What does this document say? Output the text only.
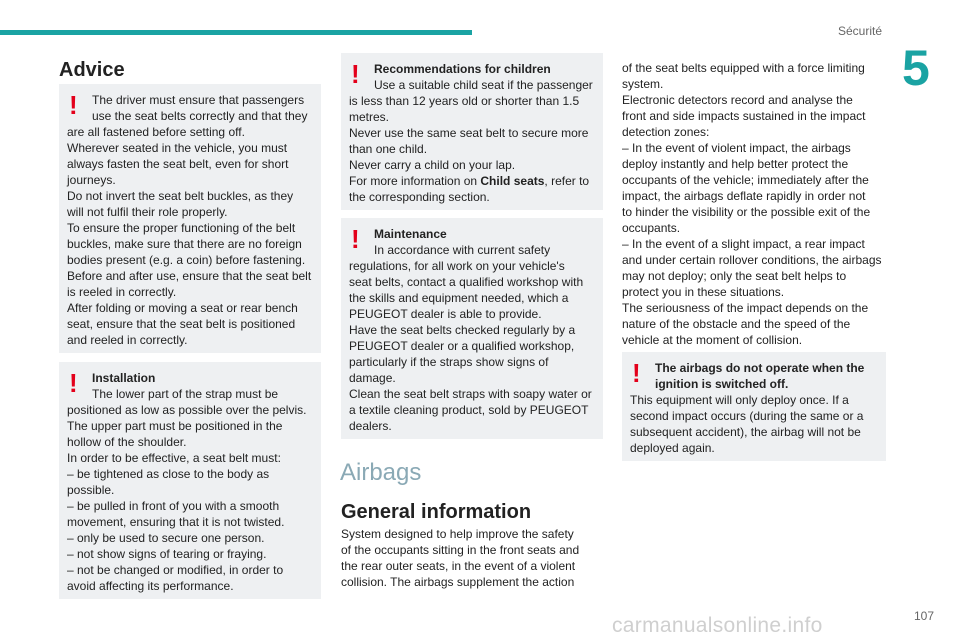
Sécurité
5
Advice
!	The driver must ensure that passengers

use the seat belts correctly and that they

are all fastened before setting off.

Wherever seated in the vehicle, you must

always fasten the seat belt, even for short

journeys.

Do not invert the seat belt buckles, as they

will not fulfil their role properly.

To ensure the proper functioning of the belt

buckles, make sure that there are no foreign

bodies present (e.g. a coin) before fastening.

Before and after use, ensure that the seat belt

is reeled in correctly.

After folding or moving a seat or rear bench

seat, ensure that the seat belt is positioned

and reeled in correctly.

!	Installation

The lower part of the strap must be

positioned as low as possible over the pelvis.

The upper part must be positioned in the

hollow of the shoulder.

In order to be effective, a seat belt must:

– be tightened as close to the body as

possible.

– be pulled in front of you with a smooth

movement, ensuring that it is not twisted.

– only be used to secure one person.

– not show signs of tearing or fraying.

– not be changed or modified, in order to

avoid affecting its performance.

!	Recommendations for children

Use a suitable child seat if the passenger

is less than 12 years old or shorter than 1.5

metres.

Never use the same seat belt to secure more

than one child.

Never carry a child on your lap.

For more information on Child seats, refer to

the corresponding section.

!	Maintenance

In accordance with current safety

regulations, for all work on your vehicle's

seat belts, contact a qualified workshop with

the skills and equipment needed, which a

PEUGEOT dealer is able to provide.

Have the seat belts checked regularly by a

PEUGEOT dealer or a qualified workshop,

particularly if the straps show signs of

damage.

Clean the seat belt straps with soapy water or

a textile cleaning product, sold by PEUGEOT

dealers.

Airbags
General information

System designed to help improve the safety

of the occupants sitting in the front seats and

the rear outer seats, in the event of a violent

collision. The airbags supplement the action

of the seat belts equipped with a force limiting

system.

Electronic detectors record and analyse the

front and side impacts sustained in the impact

detection zones:

– In the event of violent impact, the airbags

deploy instantly and help better protect the

occupants of the vehicle; immediately after the

impact, the airbags deflate rapidly in order not

to hinder the visibility or the possible exit of the

occupants.

– In the event of a slight impact, a rear impact

and under certain rollover conditions, the airbags

may not deploy; only the seat belt helps to

protect you in these situations.

The seriousness of the impact depends on the

nature of the obstacle and the speed of the

vehicle at the moment of collision.

!	The airbags do not operate when the

ignition is switched off.

This equipment will only deploy once. If a

second impact occurs (during the same or a

subsequent accident), the airbag will not be

deployed again.

107
carmanualsonline.info
